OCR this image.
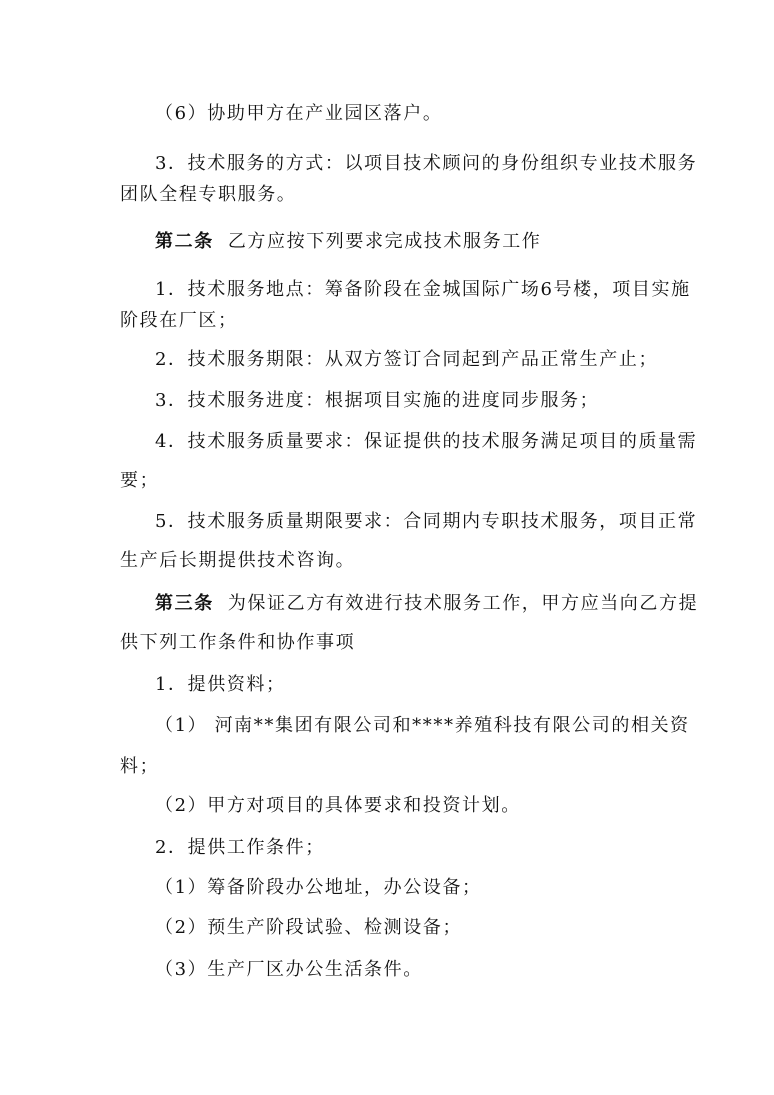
（6）协助甲方在产业园区落户。
3．技术服务的方式：以项目技术顾问的身份组织专业技术服务
团队全程专职服务。
第二条 乙方应按下列要求完成技术服务工作
1．技术服务地点：筹备阶段在金城国际广场6号楼，项目实施
阶段在厂区；
2．技术服务期限：从双方签订合同起到产品正常生产止；
3．技术服务进度：根据项目实施的进度同步服务；
4．技术服务质量要求：保证提供的技术服务满足项目的质量需
要；
5．技术服务质量期限要求：合同期内专职技术服务，项目正常
生产后长期提供技术咨询。
第三条 为保证乙方有效进行技术服务工作，甲方应当向乙方提
供下列工作条件和协作事项
1．提供资料；
（1） 河南**集团有限公司和****养殖科技有限公司的相关资
料；
（2）甲方对项目的具体要求和投资计划。
2．提供工作条件；
（1）筹备阶段办公地址，办公设备；
（2）预生产阶段试验、检测设备；
（3）生产厂区办公生活条件。
